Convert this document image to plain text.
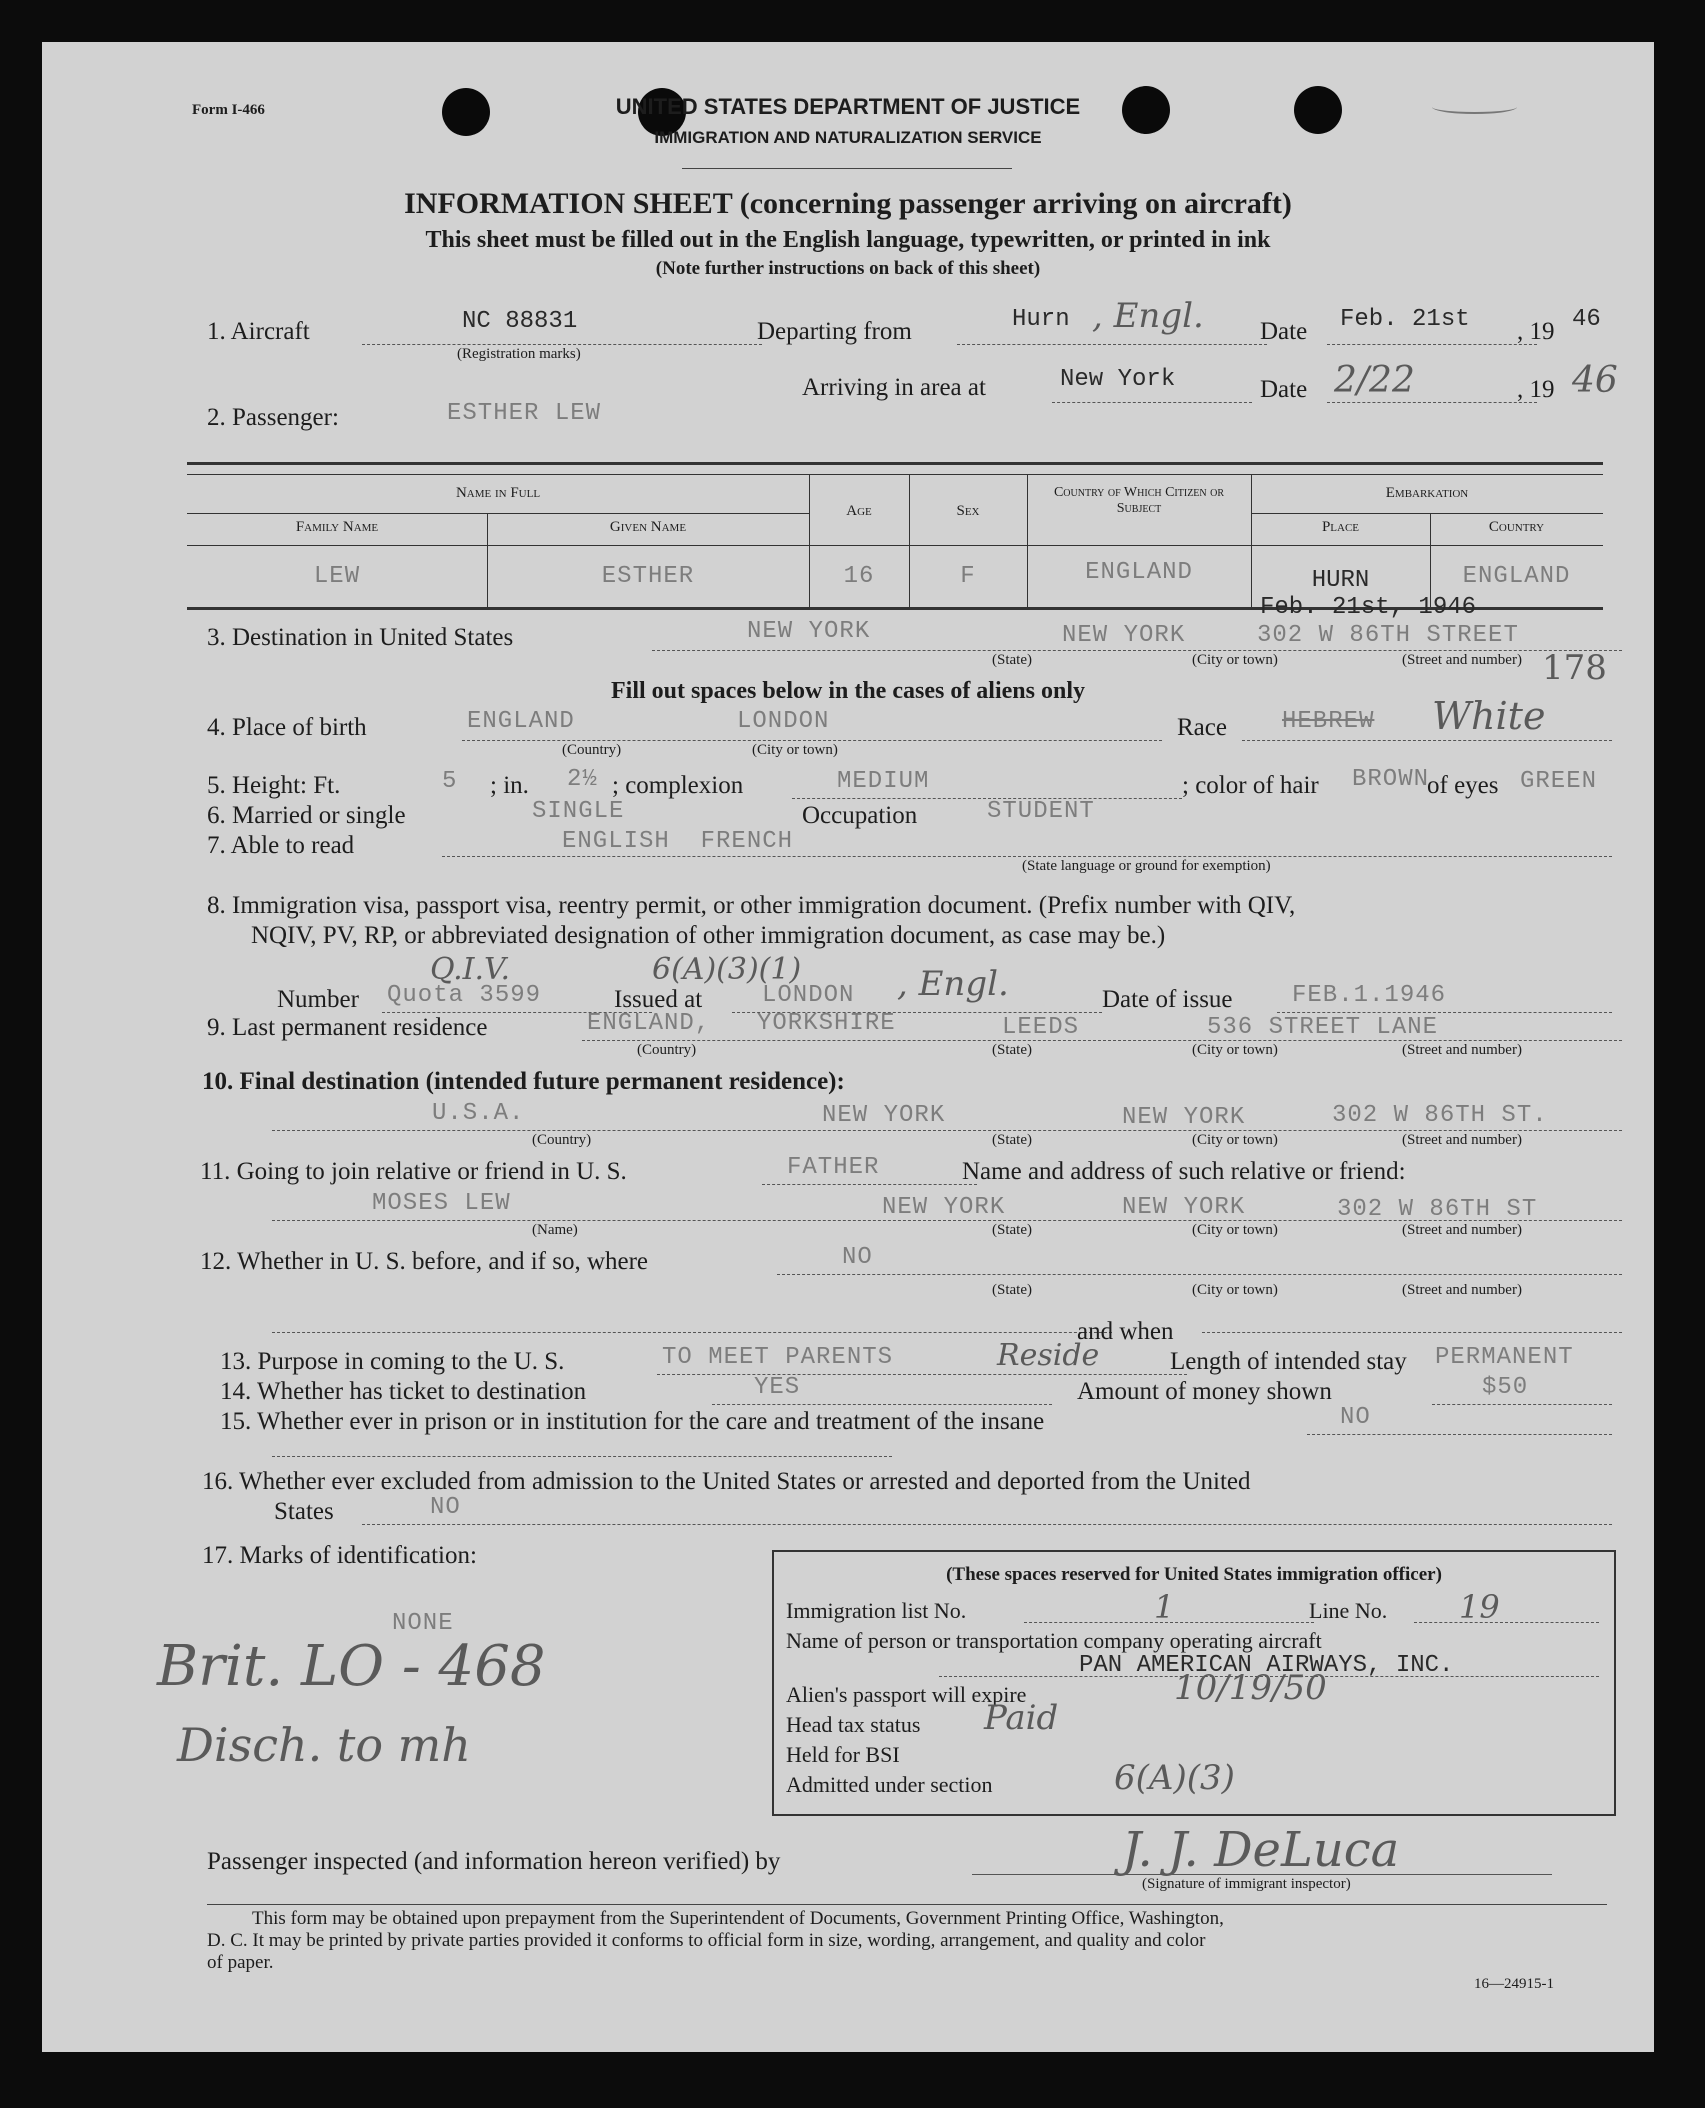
Form I-466	UNITED STATES DEPARTMENT OF JUSTICE
IMMIGRATION AND NATURALIZATION SERVICE
INFORMATION SHEET (concerning passenger arriving on aircraft)
This sheet must be filled out in the English language, typewritten, or printed in ink
(Note further instructions on back of this sheet)
1. Aircraft	NC 88831
(Registration marks)
Departing from	Hurn , Engl. Date Feb. 21st , 19 46
Arriving in area at	New York	Date 2/22	, 19 46
2. Passenger:	ESTHER LEW
Name in Full
Family Name	Given Name
Age	Sex
Country of Which Citizen or Subject
Embarkation
Place	Country
LEW	ESTHER	16	F	ENGLAND	HURN	ENGLAND
Feb. 21st, 1946
3. Destination in United States	NEW YORK	NEW YORK	302 W 86TH STREET
(State)	(City or town)	(Street and number) 178
Fill out spaces below in the cases of aliens only
4. Place of birth	ENGLAND	LONDON
(Country)	(City or town)
Race HEBREW White
5. Height: Ft.	5 ; in. 2½ ; complexion	MEDIUM	; color of hair BROWN
of eyes GREEN
6. Married or single	SINGLE	Occupation	STUDENT
7. Able to read	ENGLISH  FRENCH
(State language or ground for exemption)
8. Immigration visa, passport visa, reentry permit, or other immigration document. (Prefix number with QIV,
NQIV, PV, RP, or abbreviated designation of other immigration document, as case may be.)
Q.I.V.	6(A)(3)(1)
Number Quota 3599	Issued at LONDON , Engl.	Date of issue FEB.1.1946
9. Last permanent residence	ENGLAND, YORKSHIRE	LEEDS	536 STREET LANE
(Country)	(State)	(City or town)	(Street and number)
10. Final destination (intended future permanent residence):
U.S.A.	NEW YORK	NEW YORK	302 W 86TH ST.
(Country)	(State)	(City or town)	(Street and number)
11. Going to join relative or friend in U. S.	FATHER	Name and address of such relative or friend:
MOSES LEW	NEW YORK	NEW YORK	302 W 86TH ST
(Name)	(State)	(City or town)	(Street and number)
12. Whether in U. S. before, and if so, where	NO
(State)	(City or town)	(Street and number)
and when
13. Purpose in coming to the U. S.	TO MEET PARENTS	Reside	Length of intended stay PERMANENT
14. Whether has ticket to destination	YES	Amount of money shown	$50
15. Whether ever in prison or in institution for the care and treatment of the insane	NO
16. Whether ever excluded from admission to the United States or arrested and deported from the United
States	NO
17. Marks of identification:
NONE
Brit. LO - 468
Disch. to mh
(These spaces reserved for United States immigration officer)
Immigration list No.	1	Line No. 19
Name of person or transportation company operating aircraft
PAN AMERICAN AIRWAYS, INC.
Alien's passport will expire	10/19/50
Head tax status Paid
Held for BSI
Admitted under section	6(A)(3)
Passenger inspected (and information hereon verified) by	J. J. DeLuca
(Signature of immigrant inspector)
This form may be obtained upon prepayment from the Superintendent of Documents, Government Printing Office, Washington,
D. C. It may be printed by private parties provided it conforms to official form in size, wording, arrangement, and quality and color
of paper.
16—24915-1
